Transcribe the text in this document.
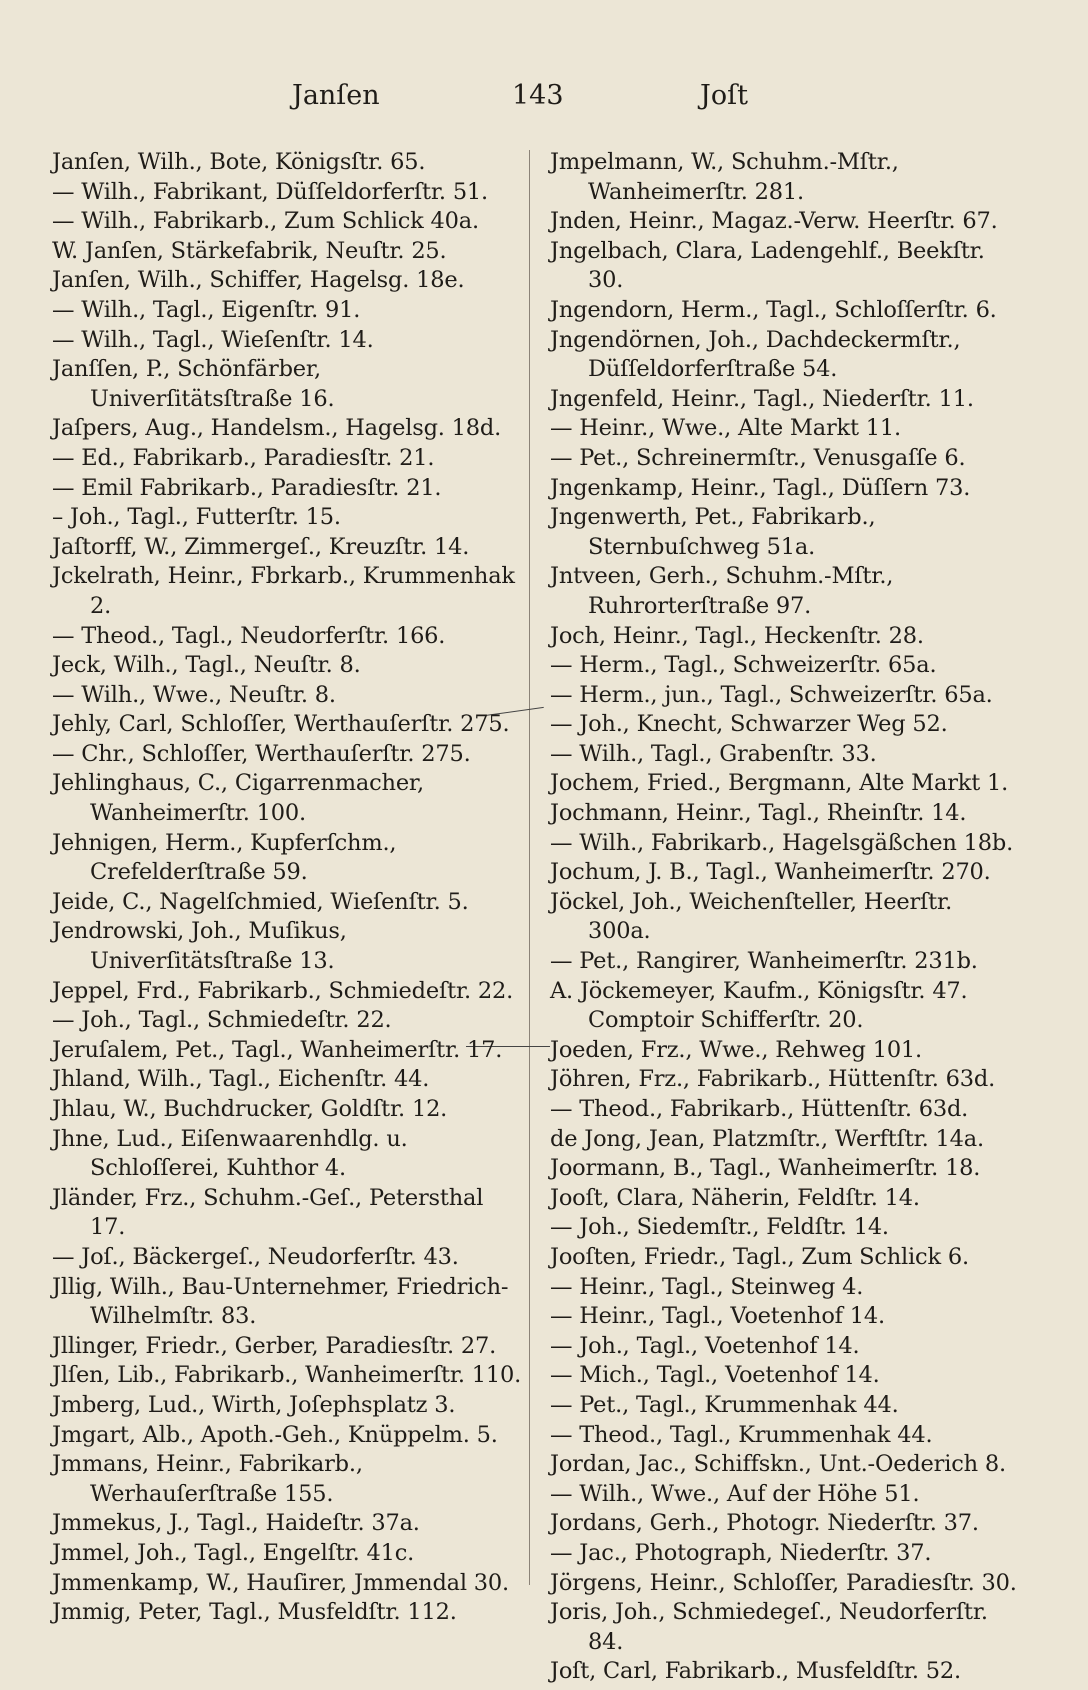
Janſen	143	Joſt
Janſen, Wilh., Bote, Königsſtr. 65.
— Wilh., Fabrikant, Düſſeldorferſtr. 51.
— Wilh., Fabrikarb., Zum Schlick 40a.
W. Janſen, Stärkefabrik, Neuſtr. 25.
Janſen, Wilh., Schiffer, Hagelsg. 18e.
— Wilh., Tagl., Eigenſtr. 91.
— Wilh., Tagl., Wieſenſtr. 14.
Janſſen, P., Schönfärber, Univerſitätsſtraße 16.
Jaſpers, Aug., Handelsm., Hagelsg. 18d.
— Ed., Fabrikarb., Paradiesſtr. 21.
— Emil Fabrikarb., Paradiesſtr. 21.
– Joh., Tagl., Futterſtr. 15.
Jaſtorff, W., Zimmergeſ., Kreuzſtr. 14.
Jckelrath, Heinr., Fbrkarb., Krummenhak 2.
— Theod., Tagl., Neudorferſtr. 166.
Jeck, Wilh., Tagl., Neuſtr. 8.
— Wilh., Wwe., Neuſtr. 8.
Jehly, Carl, Schloſſer, Werthauſerſtr. 275.
— Chr., Schloſſer, Werthauſerſtr. 275.
Jehlinghaus, C., Cigarrenmacher, Wanheimerſtr. 100.
Jehnigen, Herm., Kupferſchm., Crefelderſtraße 59.
Jeide, C., Nagelſchmied, Wieſenſtr. 5.
Jendrowski, Joh., Muſikus, Univerſitätsſtraße 13.
Jeppel, Frd., Fabrikarb., Schmiedeſtr. 22.
— Joh., Tagl., Schmiedeſtr. 22.
Jeruſalem, Pet., Tagl., Wanheimerſtr. 17.
Jhland, Wilh., Tagl., Eichenſtr. 44.
Jhlau, W., Buchdrucker, Goldſtr. 12.
Jhne, Lud., Eiſenwaarenhdlg. u. Schloſſerei, Kuhthor 4.
Jländer, Frz., Schuhm.-Geſ., Petersthal 17.
— Joſ., Bäckergeſ., Neudorferſtr. 43.
Jllig, Wilh., Bau-Unternehmer, Friedrich-Wilhelmſtr. 83.
Jllinger, Friedr., Gerber, Paradiesſtr. 27.
Jlſen, Lib., Fabrikarb., Wanheimerſtr. 110.
Jmberg, Lud., Wirth, Joſephsplatz 3.
Jmgart, Alb., Apoth.-Geh., Knüppelm. 5.
Jmmans, Heinr., Fabrikarb., Werhauſerſtraße 155.
Jmmekus, J., Tagl., Haideſtr. 37a.
Jmmel, Joh., Tagl., Engelſtr. 41c.
Jmmenkamp, W., Hauſirer, Jmmendal 30.
Jmmig, Peter, Tagl., Musfeldſtr. 112.
Jmpelmann, W., Schuhm.-Mſtr., Wanheimerſtr. 281.
Jnden, Heinr., Magaz.-Verw. Heerſtr. 67.
Jngelbach, Clara, Ladengehlf., Beekſtr. 30.
Jngendorn, Herm., Tagl., Schloſſerſtr. 6.
Jngendörnen, Joh., Dachdeckermſtr., Düſſeldorferſtraße 54.
Jngenfeld, Heinr., Tagl., Niederſtr. 11.
— Heinr., Wwe., Alte Markt 11.
— Pet., Schreinermſtr., Venusgaſſe 6.
Jngenkamp, Heinr., Tagl., Düſſern 73.
Jngenwerth, Pet., Fabrikarb., Sternbuſchweg 51a.
Jntveen, Gerh., Schuhm.-Mſtr., Ruhrorterſtraße 97.
Joch, Heinr., Tagl., Heckenſtr. 28.
— Herm., Tagl., Schweizerſtr. 65a.
— Herm., jun., Tagl., Schweizerſtr. 65a.
— Joh., Knecht, Schwarzer Weg 52.
— Wilh., Tagl., Grabenſtr. 33.
Jochem, Fried., Bergmann, Alte Markt 1.
Jochmann, Heinr., Tagl., Rheinſtr. 14.
— Wilh., Fabrikarb., Hagelsgäßchen 18b.
Jochum, J. B., Tagl., Wanheimerſtr. 270.
Jöckel, Joh., Weichenſteller, Heerſtr. 300a.
— Pet., Rangirer, Wanheimerſtr. 231b.
A. Jöckemeyer, Kaufm., Königsſtr. 47. Comptoir Schifferſtr. 20.
Joeden, Frz., Wwe., Rehweg 101.
Jöhren, Frz., Fabrikarb., Hüttenſtr. 63d.
— Theod., Fabrikarb., Hüttenſtr. 63d.
de Jong, Jean, Platzmſtr., Werftſtr. 14a.
Joormann, B., Tagl., Wanheimerſtr. 18.
Jooſt, Clara, Näherin, Feldſtr. 14.
— Joh., Siedemſtr., Feldſtr. 14.
Jooſten, Friedr., Tagl., Zum Schlick 6.
— Heinr., Tagl., Steinweg 4.
— Heinr., Tagl., Voetenhof 14.
— Joh., Tagl., Voetenhof 14.
— Mich., Tagl., Voetenhof 14.
— Pet., Tagl., Krummenhak 44.
— Theod., Tagl., Krummenhak 44.
Jordan, Jac., Schiffskn., Unt.-Oederich 8.
— Wilh., Wwe., Auf der Höhe 51.
Jordans, Gerh., Photogr. Niederſtr. 37.
— Jac., Photograph, Niederſtr. 37.
Jörgens, Heinr., Schloſſer, Paradiesſtr. 30.
Joris, Joh., Schmiedegeſ., Neudorferſtr. 84.
Joſt, Carl, Fabrikarb., Musfeldſtr. 52.
